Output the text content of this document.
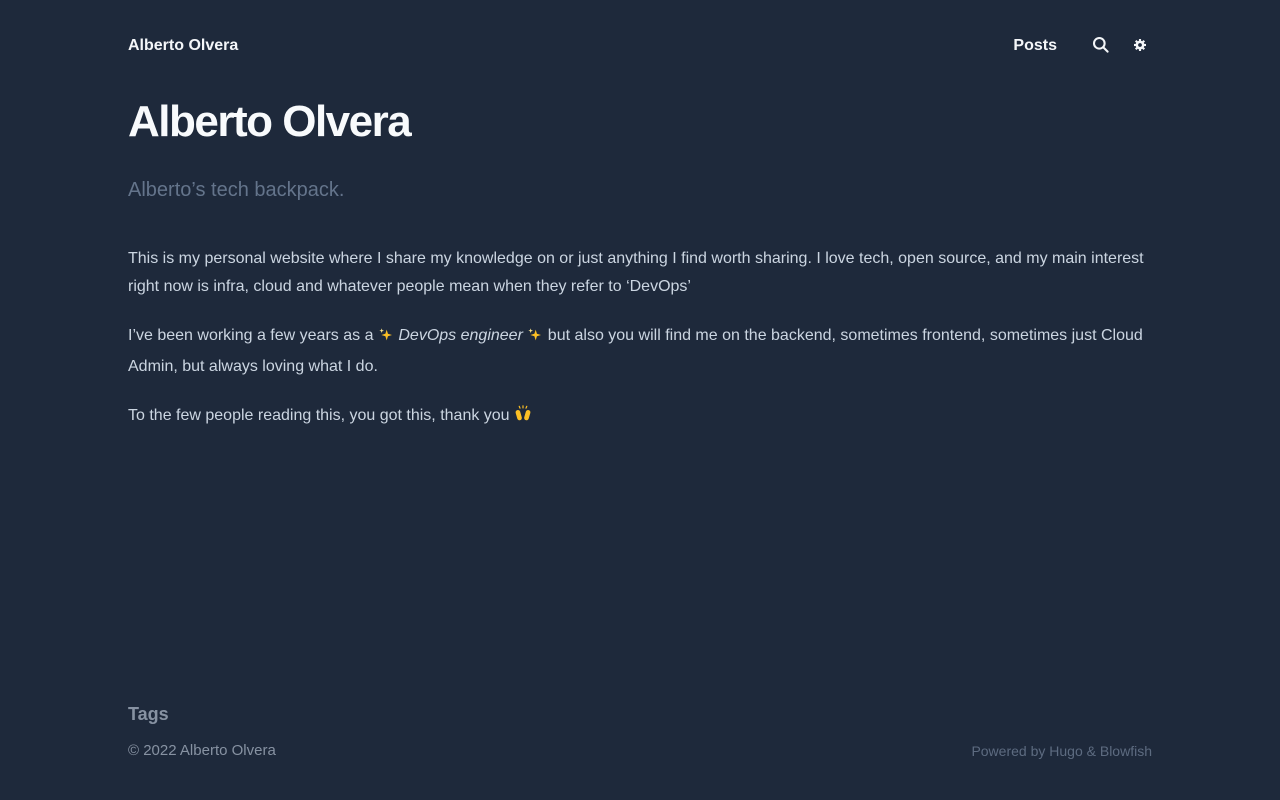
Alberto Olvera	Posts
Alberto Olvera
Alberto’s tech backpack.

This is my personal website where I share my knowledge on or just anything I find worth sharing. I love tech, open source, and my main interest right now is infra, cloud and whatever people mean when they refer to ‘DevOps’

I’ve been working a few years as a DevOps engineer but also you will find me on the backend, sometimes frontend, sometimes just Cloud Admin, but always loving what I do.

To the few people reading this, you got this, thank you

Tags
© 2022 Alberto Olvera	Powered by Hugo & Blowfish
